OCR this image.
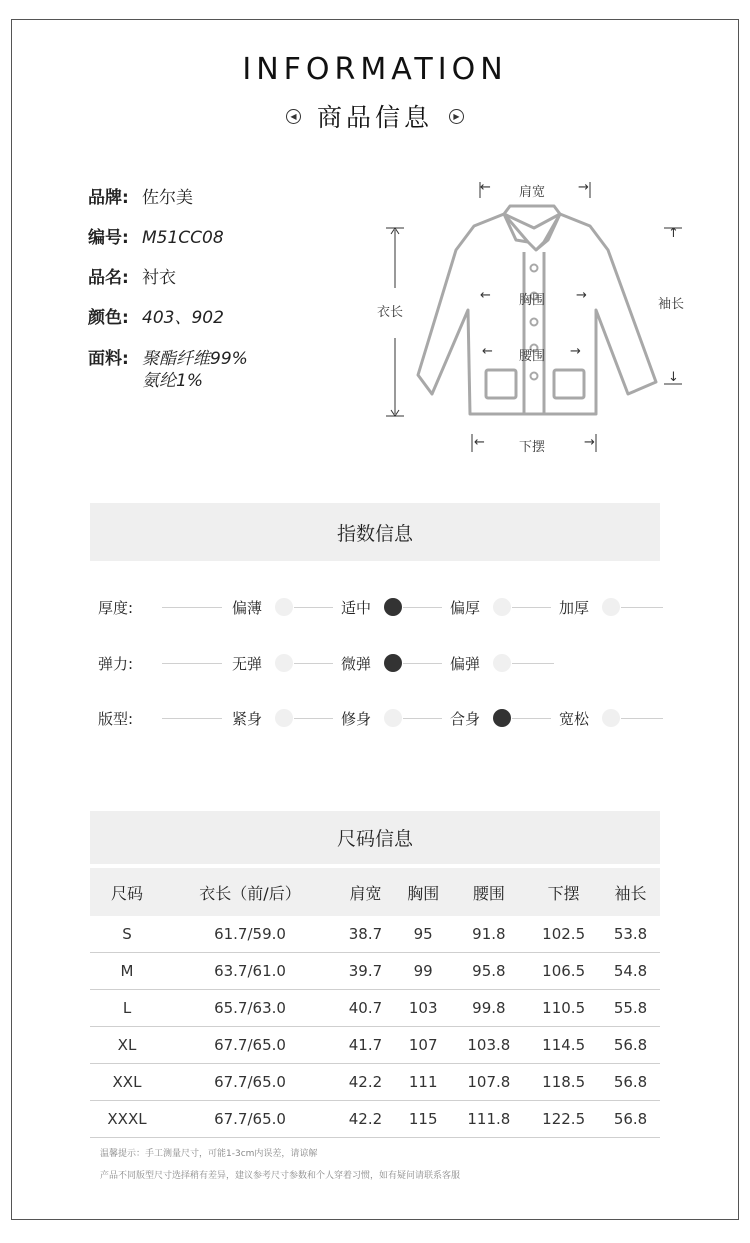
INFORMATION
◀ 商品信息	▶
品牌: 佐尔美
编号: M51CC08
品名: 衬衣
颜色: 403、902
面料: 聚酯纤维99%
氨纶1%
← 肩宽	→
衣长
← 胸围 →
← 腰围 →
←	下摆	→
↑
袖长
↓
指数信息
厚度:	偏薄	适中	偏厚	加厚
弹力:	无弹	微弹	偏弹
版型:	紧身	修身	合身	宽松
尺码信息
尺码	衣长（前/后）	肩宽	胸围	腰围	下摆	袖长
S	61.7/59.0	38.7	95	91.8	102.5	53.8
M	63.7/61.0	39.7	99	95.8	106.5	54.8
L	65.7/63.0	40.7	103	99.8	110.5	55.8
XL	67.7/65.0	41.7	107	103.8	114.5	56.8
XXL	67.7/65.0	42.2	111	107.8	118.5	56.8
XXXL	67.7/65.0	42.2	115	111.8	122.5	56.8
温馨提示：手工测量尺寸，可能1-3cm内误差，请谅解
产品不同版型尺寸选择稍有差异，建议参考尺寸参数和个人穿着习惯，如有疑问请联系客服
